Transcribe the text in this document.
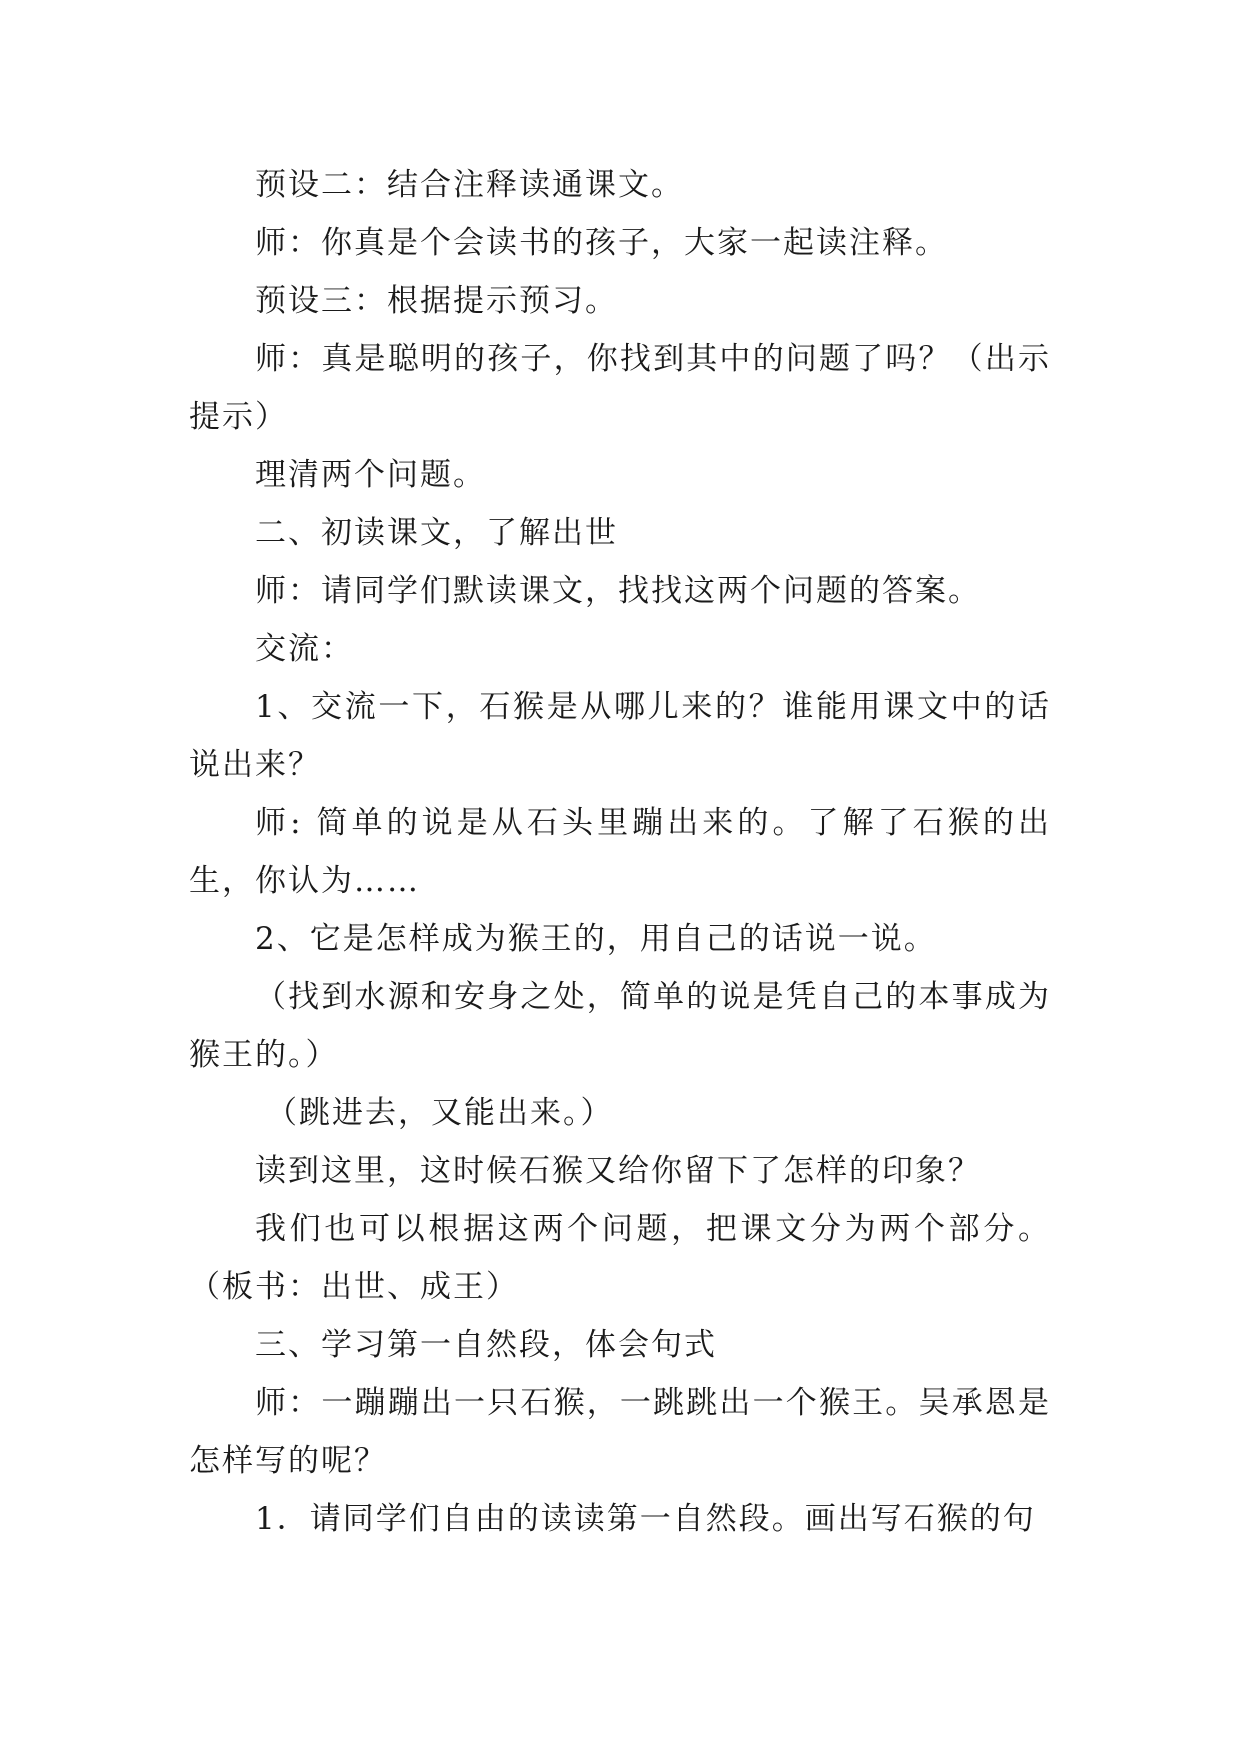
预设二：结合注释读通课文。

师：你真是个会读书的孩子，大家一起读注释。

预设三：根据提示预习。

师：真是聪明的孩子，你找到其中的问题了吗？（出示提示）

理清两个问题。

二、初读课文，了解出世

师：请同学们默读课文，找找这两个问题的答案。

交流：

1、交流一下，石猴是从哪儿来的？谁能用课文中的话说出来？

师: 简单的说是从石头里蹦出来的。了解了石猴的出生，你认为……

2、它是怎样成为猴王的，用自己的话说一说。

（找到水源和安身之处，简单的说是凭自己的本事成为猴王的。）

（跳进去，又能出来。）

读到这里，这时候石猴又给你留下了怎样的印象？

我们也可以根据这两个问题，把课文分为两个部分。（板书：出世、成王）

三、学习第一自然段，体会句式

师：一蹦蹦出一只石猴，一跳跳出一个猴王。吴承恩是怎样写的呢？

1．请同学们自由的读读第一自然段。画出写石猴的句
